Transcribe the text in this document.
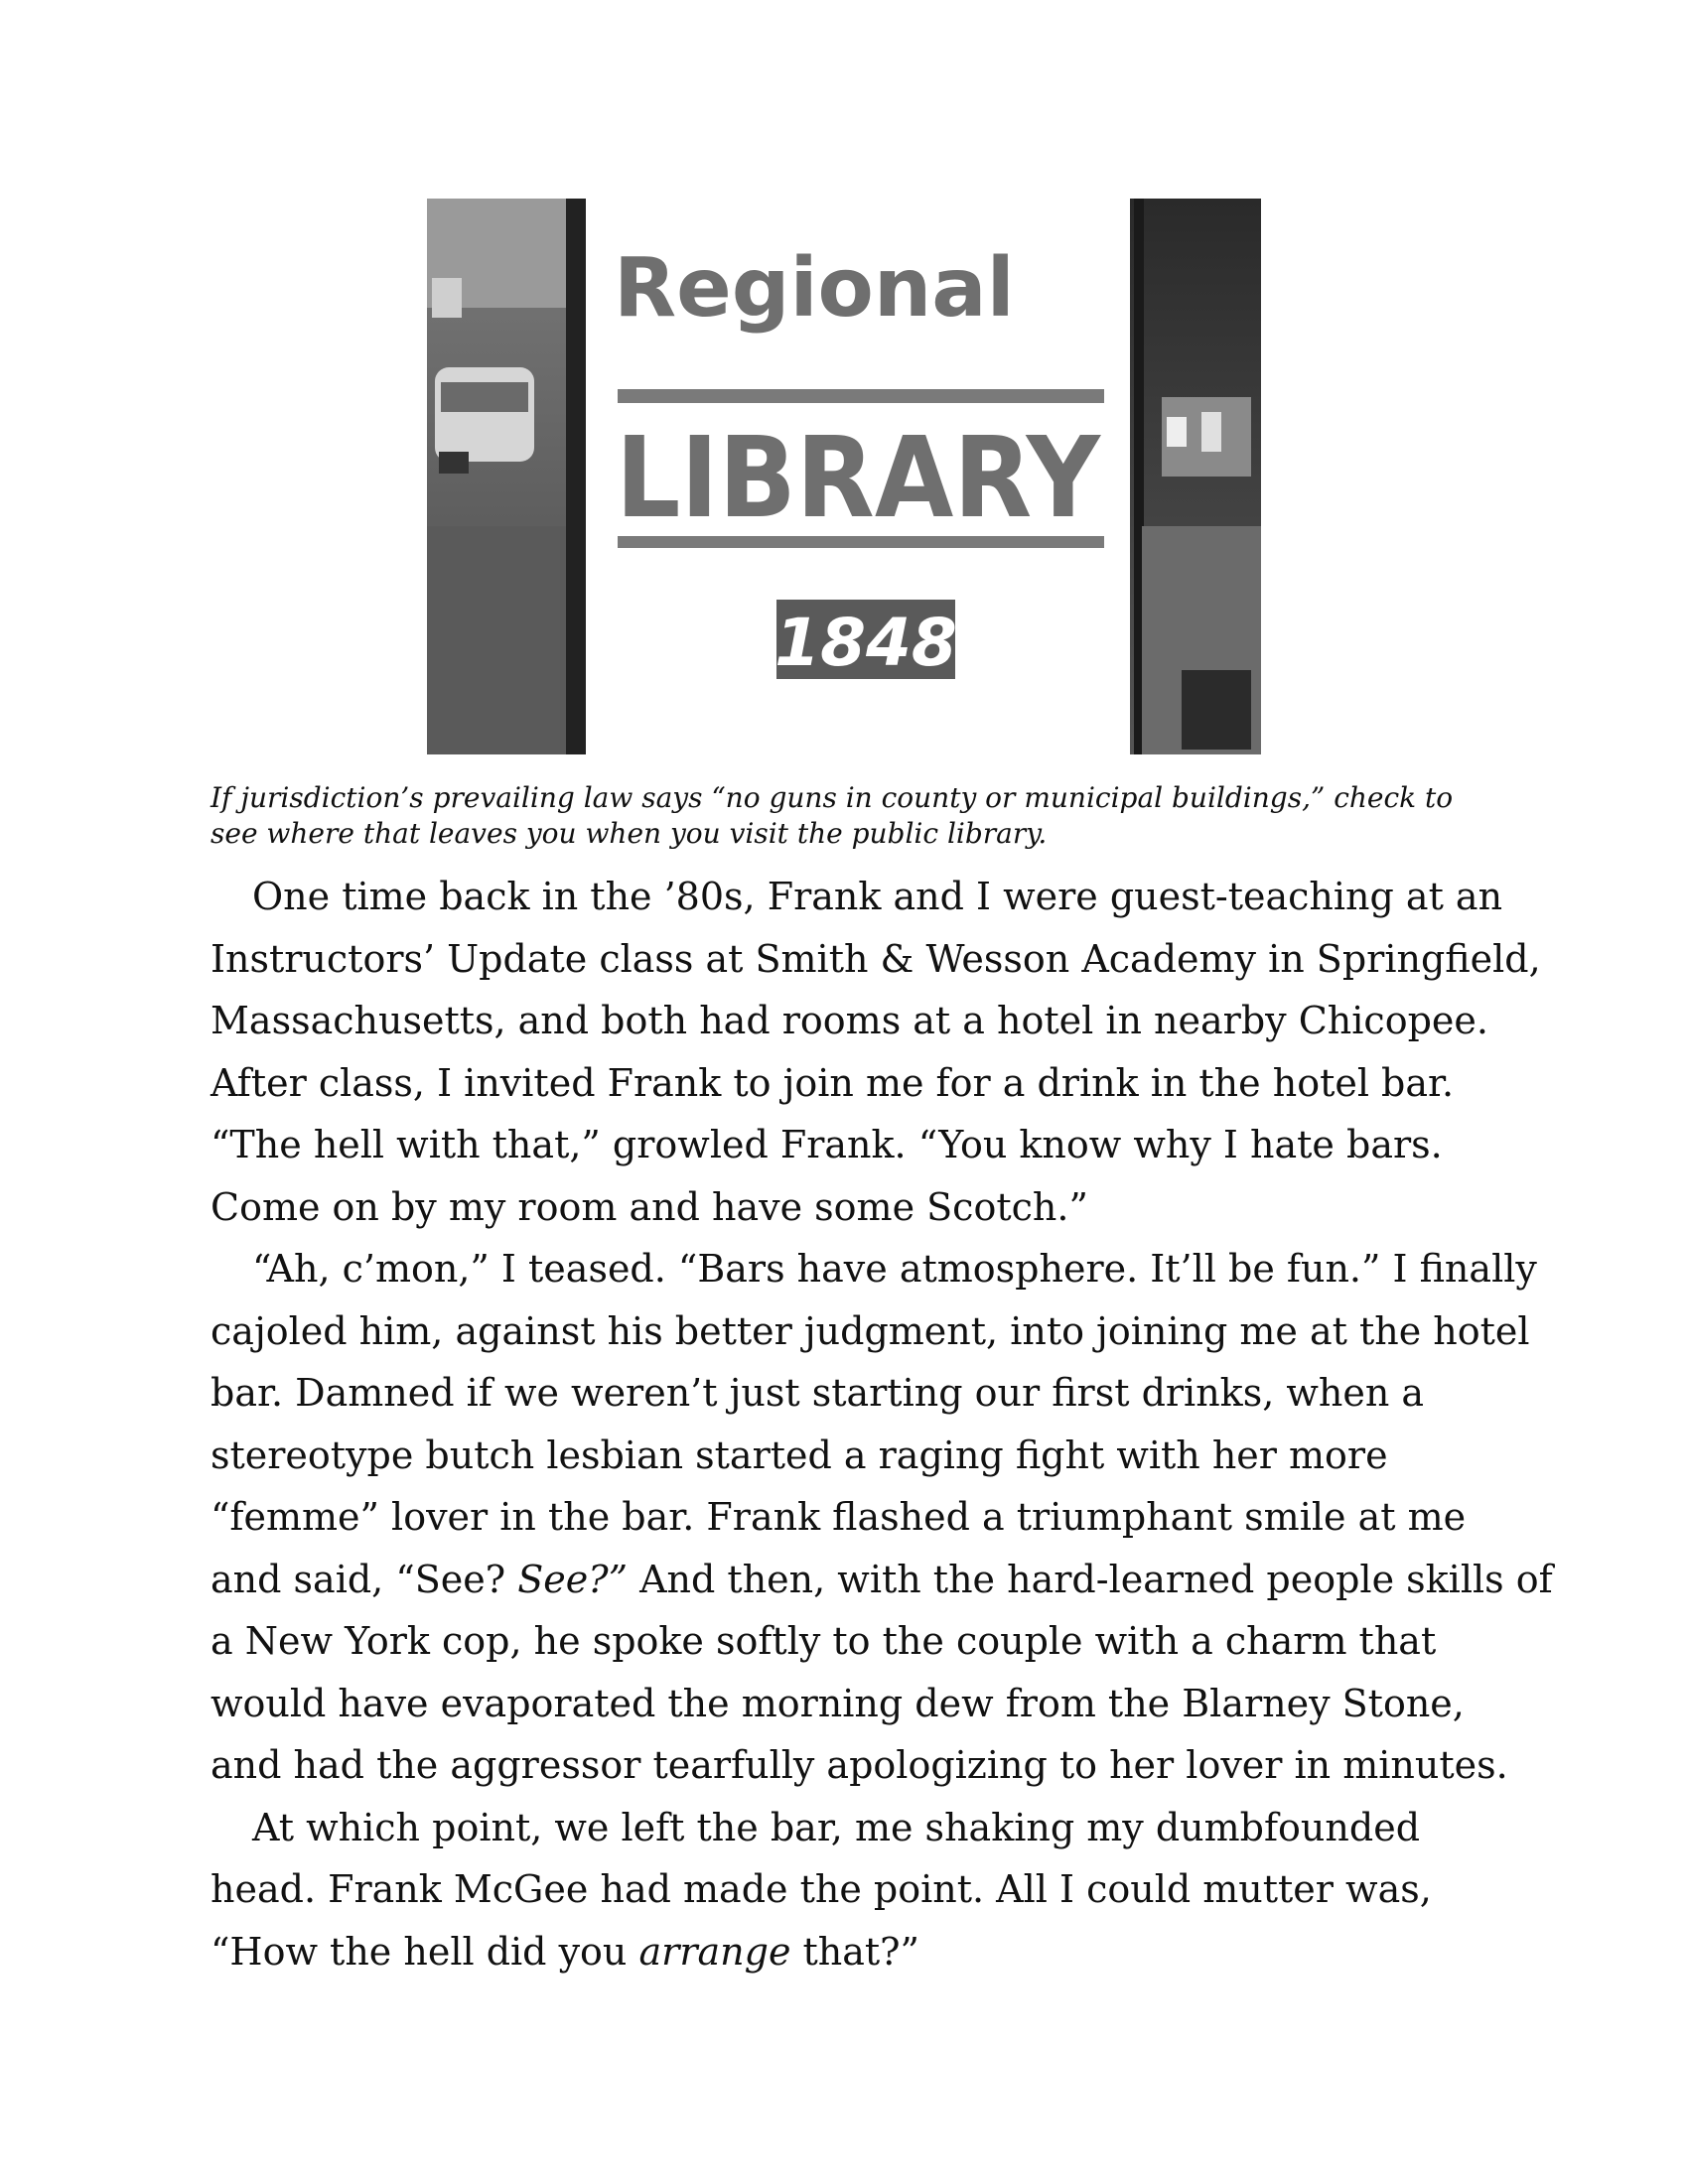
Regional
LIBRARY
1848
If jurisdiction’s prevailing law says “no guns in county or municipal buildings,” check to
see where that leaves you when you visit the public library.
One time back in the ’80s, Frank and I were guest-teaching at an
Instructors’ Update class at Smith & Wesson Academy in Springfield,
Massachusetts, and both had rooms at a hotel in nearby Chicopee.
After class, I invited Frank to join me for a drink in the hotel bar.
“The hell with that,” growled Frank. “You know why I hate bars.
Come on by my room and have some Scotch.”
“Ah, c’mon,” I teased. “Bars have atmosphere. It’ll be fun.” I finally
cajoled him, against his better judgment, into joining me at the hotel
bar. Damned if we weren’t just starting our first drinks, when a
stereotype butch lesbian started a raging fight with her more
“femme” lover in the bar. Frank flashed a triumphant smile at me
and said, “See? See?” And then, with the hard-learned people skills of
a New York cop, he spoke softly to the couple with a charm that
would have evaporated the morning dew from the Blarney Stone,
and had the aggressor tearfully apologizing to her lover in minutes.
At which point, we left the bar, me shaking my dumbfounded
head. Frank McGee had made the point. All I could mutter was,
“How the hell did you arrange that?”
